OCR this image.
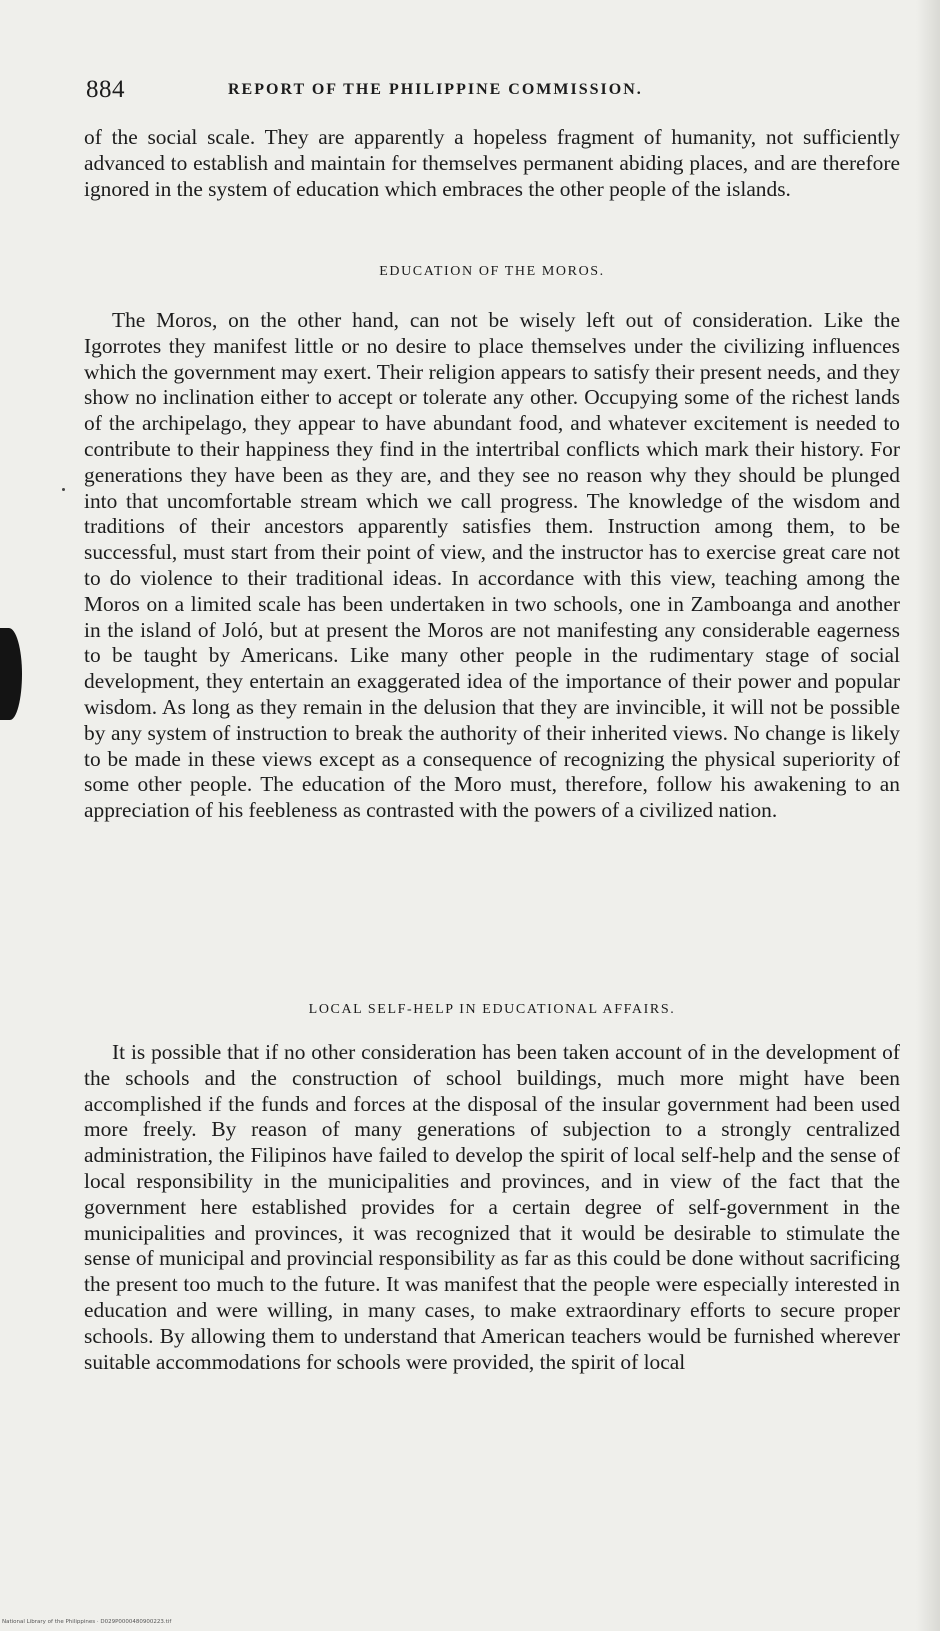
884	REPORT OF THE PHILIPPINE COMMISSION.

of the social scale. They are apparently a hopeless fragment of humanity, not sufficiently advanced to establish and maintain for themselves permanent abiding places, and are therefore ignored in the system of education which embraces the other people of the islands.

EDUCATION OF THE MOROS.

The Moros, on the other hand, can not be wisely left out of consideration. Like the Igorrotes they manifest little or no desire to place themselves under the civilizing influences which the government may exert. Their religion appears to satisfy their present needs, and they show no inclination either to accept or tolerate any other. Occupying some of the richest lands of the archipelago, they appear to have abundant food, and whatever excitement is needed to contribute to their happiness they find in the intertribal conflicts which mark their history. For generations they have been as they are, and they see no reason why they should be plunged into that uncomfortable stream which we call progress. The knowledge of the wisdom and traditions of their ancestors apparently satisfies them. Instruction among them, to be successful, must start from their point of view, and the instructor has to exercise great care not to do violence to their traditional ideas. In accordance with this view, teaching among the Moros on a limited scale has been undertaken in two schools, one in Zamboanga and another in the island of Joló, but at present the Moros are not manifesting any considerable eagerness to be taught by Americans. Like many other people in the rudimentary stage of social development, they entertain an exaggerated idea of the importance of their power and popular wisdom. As long as they remain in the delusion that they are invincible, it will not be possible by any system of instruction to break the authority of their inherited views. No change is likely to be made in these views except as a consequence of recognizing the physical superiority of some other people. The education of the Moro must, therefore, follow his awakening to an appreciation of his feebleness as contrasted with the powers of a civilized nation.

LOCAL SELF-HELP IN EDUCATIONAL AFFAIRS.

It is possible that if no other consideration has been taken account of in the development of the schools and the construction of school buildings, much more might have been accomplished if the funds and forces at the disposal of the insular government had been used more freely. By reason of many generations of subjection to a strongly centralized administration, the Filipinos have failed to develop the spirit of local self-help and the sense of local responsibility in the municipalities and provinces, and in view of the fact that the government here established provides for a certain degree of self-government in the municipalities and provinces, it was recognized that it would be desirable to stimulate the sense of municipal and provincial responsibility as far as this could be done without sacrificing the present too much to the future. It was manifest that the people were especially interested in education and were willing, in many cases, to make extraordinary efforts to secure proper schools. By allowing them to understand that American teachers would be furnished wherever suitable accommodations for schools were provided, the spirit of local

National Library of the Philippines · D029P0000480900223.tif
